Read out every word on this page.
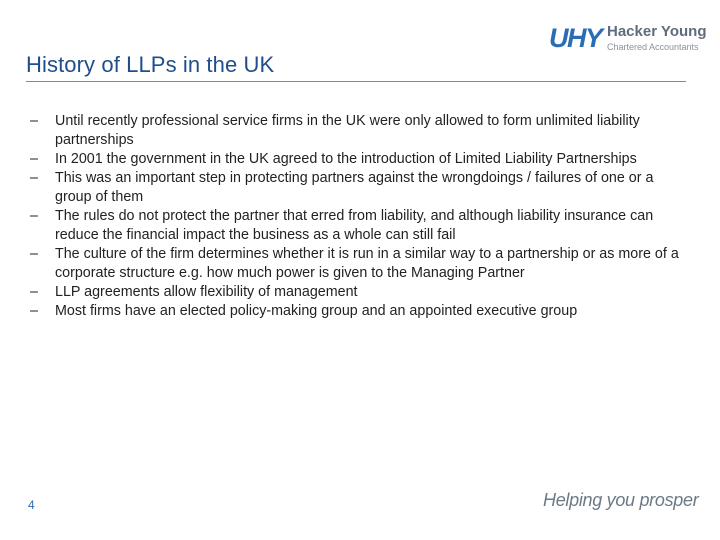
UHY Hacker Young
Chartered Accountants
History of LLPs in the UK
– Until recently professional service firms in the UK were only allowed to form unlimited liability partnerships
– In 2001 the government in the UK agreed to the introduction of Limited Liability Partnerships
– This was an important step in protecting partners against the wrongdoings / failures of one or a group of them
– The rules do not protect the partner that erred from liability, and although liability insurance can reduce the financial impact the business as a whole can still fail
– The culture of the firm determines whether it is run in a similar way to a partnership or as more of a corporate structure e.g. how much power is given to the Managing Partner
– LLP agreements allow flexibility of management
– Most firms have an elected policy-making group and an appointed executive group
4	Helping you prosper
